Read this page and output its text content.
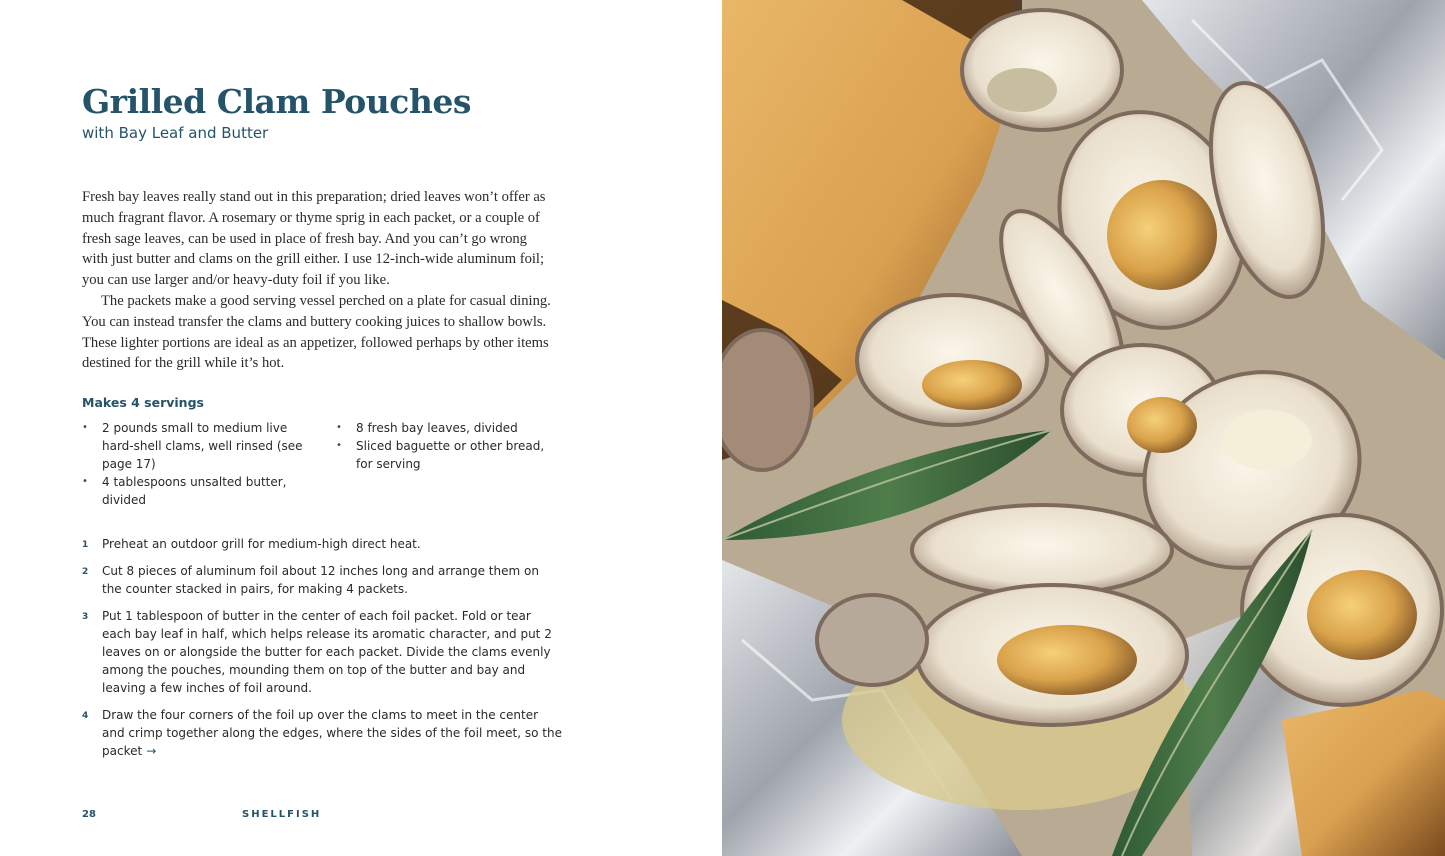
Grilled Clam Pouches
with Bay Leaf and Butter

Fresh bay leaves really stand out in this preparation; dried leaves won’t offer as much fragrant flavor. A rosemary or thyme sprig in each packet, or a couple of fresh sage leaves, can be used in place of fresh bay. And you can’t go wrong with just butter and clams on the grill either. I use 12-inch-wide aluminum foil; you can use larger and/or heavy-duty foil if you like.

The packets make a good serving vessel perched on a plate for casual dining. You can instead transfer the clams and buttery cooking juices to shallow bowls. These lighter portions are ideal as an appetizer, followed perhaps by other items destined for the grill while it’s hot.

Makes 4 servings
• 2 pounds small to medium live hard-shell clams, well rinsed (see page 17)
• 4 tablespoons unsalted butter, divided
• 8 fresh bay leaves, divided
• Sliced baguette or other bread, for serving
1 Preheat an outdoor grill for medium-high direct heat.
2 Cut 8 pieces of aluminum foil about 12 inches long and arrange them on the counter stacked in pairs, for making 4 packets.
3 Put 1 tablespoon of butter in the center of each foil packet. Fold or tear each bay leaf in half, which helps release its aromatic character, and put 2 leaves on or alongside the butter for each packet. Divide the clams evenly among the pouches, mounding them on top of the butter and bay and leaving a few inches of foil around.
4 Draw the four corners of the foil up over the clams to meet in the center and crimp together along the edges, where the sides of the foil meet, so the packet →
28	SHELLFISH
